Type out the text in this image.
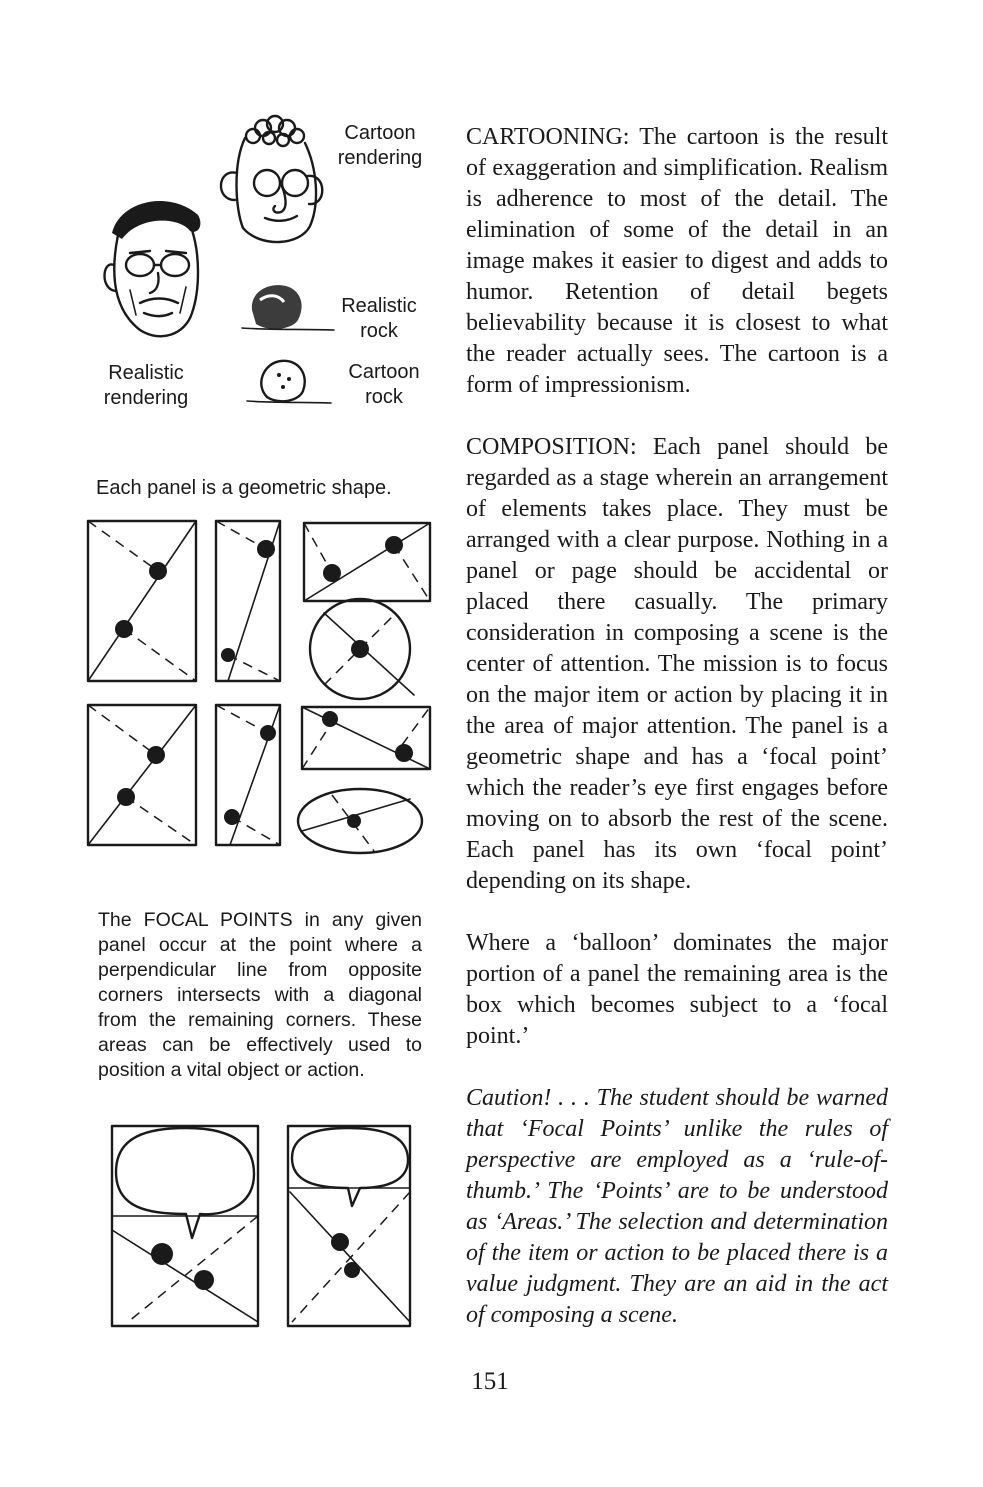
Cartoon
rendering
Realistic
rendering
Realistic
rock
Cartoon
rock
Each panel is a geometric shape.

The FOCAL POINTS in any given panel occur at the point where a perpendicular line from opposite corners intersects with a diagonal from the remaining corners. These areas can be effectively used to position a vital object or action.

CARTOONING: The cartoon is the result of exaggeration and simplification. Realism is adherence to most of the detail. The elimination of some of the detail in an image makes it easier to digest and adds to humor. Retention of detail begets believability because it is closest to what the reader actually sees. The cartoon is a form of impressionism.

COMPOSITION: Each panel should be regarded as a stage wherein an arrangement of elements takes place. They must be arranged with a clear purpose. Nothing in a panel or page should be accidental or placed there casually. The primary consideration in composing a scene is the center of attention. The mission is to focus on the major item or action by placing it in the area of major attention. The panel is a geometric shape and has a ‘focal point’ which the reader’s eye first engages before moving on to absorb the rest of the scene. Each panel has its own ‘focal point’ depending on its shape.

Where a ‘balloon’ dominates the major portion of a panel the remaining area is the box which becomes subject to a ‘focal point.’

Caution! . . . The student should be warned that ‘Focal Points’ unlike the rules of perspective are employed as a ‘rule-of-thumb.’ The ‘Points’ are to be understood as ‘Areas.’ The selection and determination of the item or action to be placed there is a value judgment. They are an aid in the act of composing a scene.

151
